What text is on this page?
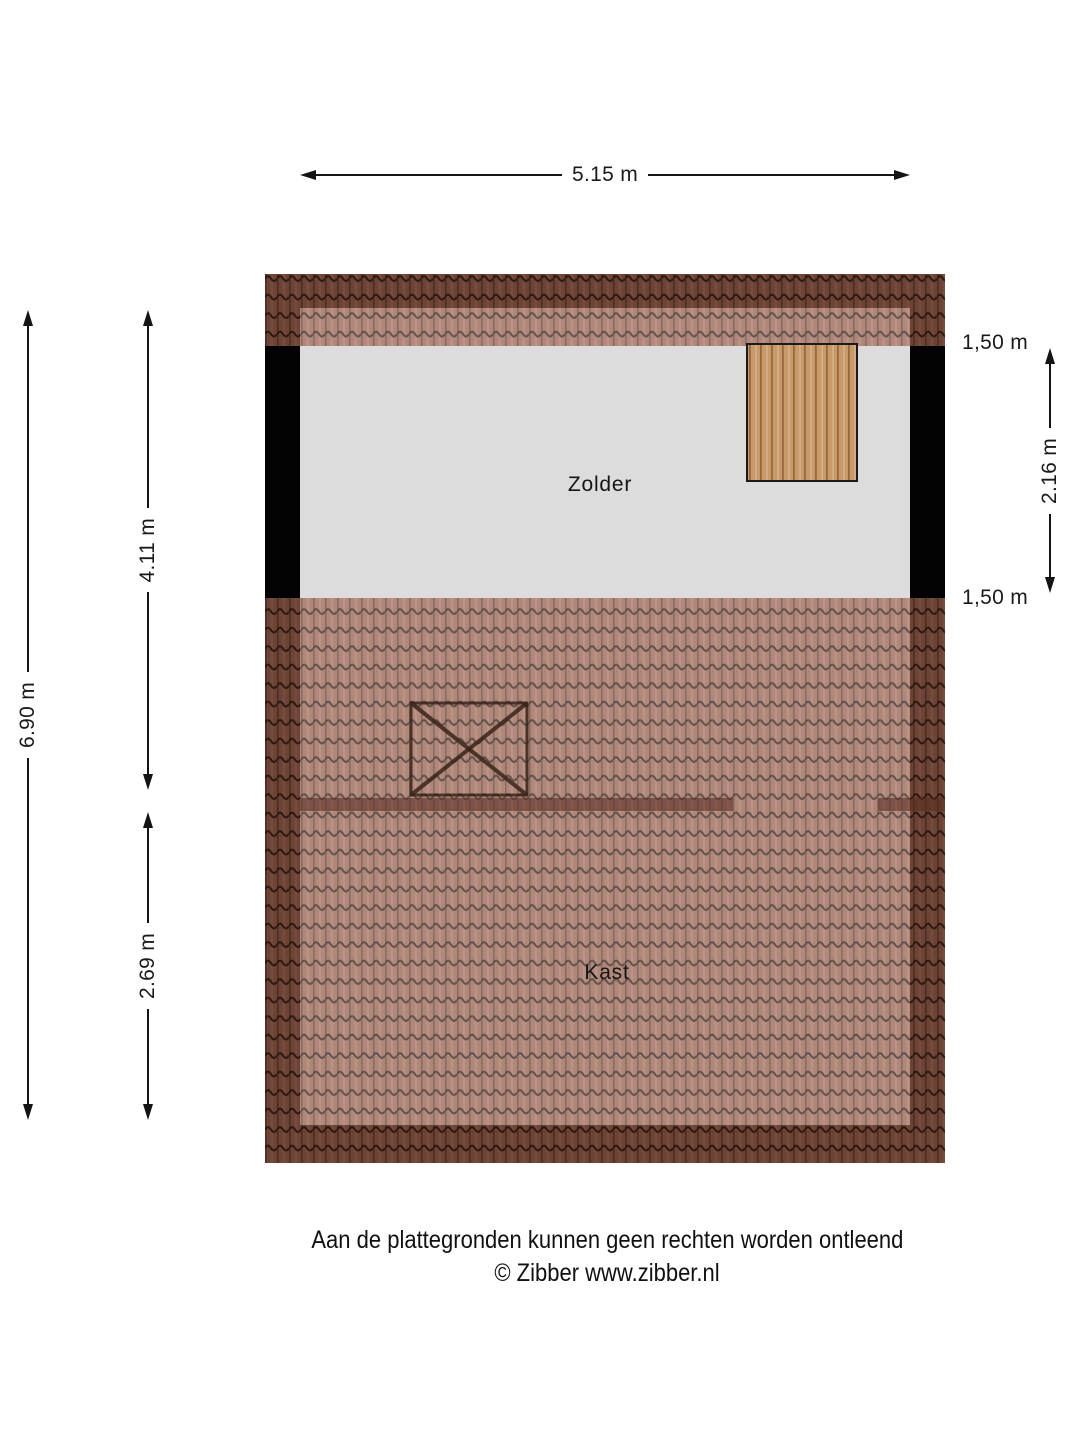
5.15 m
6.90 m
4.11 m
2.69 m
2.16 m
1,50 m
1,50 m
Zolder
Kast
Aan de plattegronden kunnen geen rechten worden ontleend
© Zibber www.zibber.nl
